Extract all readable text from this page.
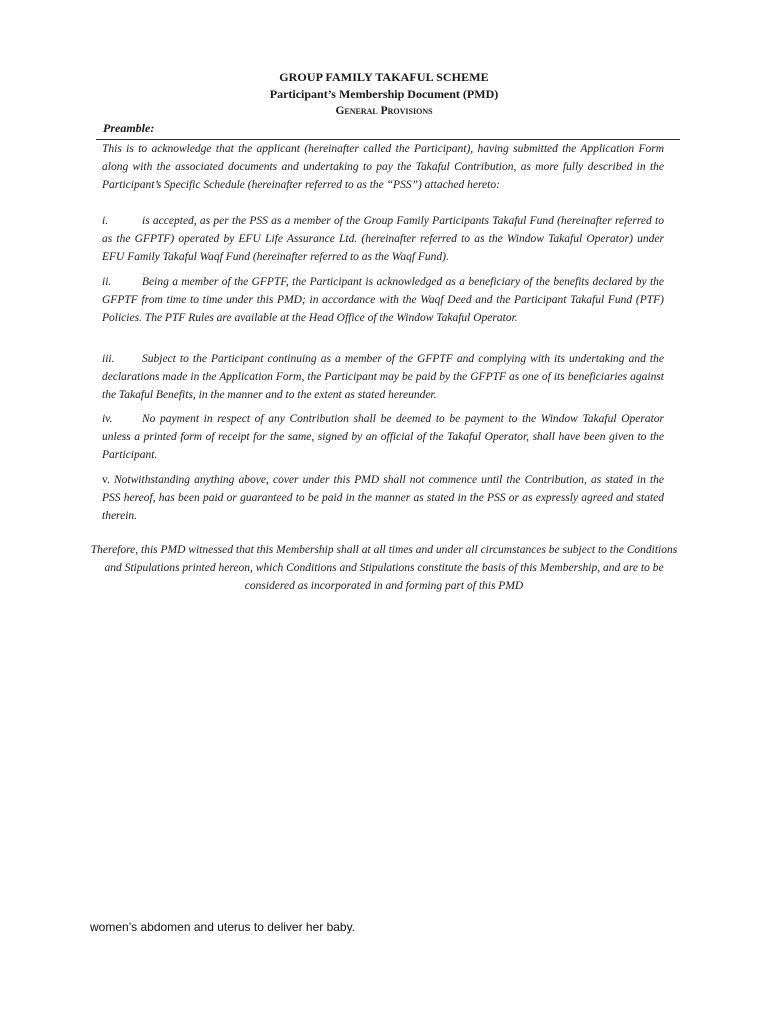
GROUP FAMILY TAKAFUL SCHEME
Participant’s Membership Document (PMD)
General Provisions
Preamble:
This is to acknowledge that the applicant (hereinafter called the Participant), having submitted the Application Form along with the associated documents and undertaking to pay the Takaful Contribution, as more fully described in the Participant’s Specific Schedule (hereinafter referred to as the “PSS”) attached hereto:
i.	is accepted, as per the PSS as a member of the Group Family Participants Takaful Fund (hereinafter referred to as the GFPTF) operated by EFU Life Assurance Ltd. (hereinafter referred to as the Window Takaful Operator) under EFU Family Takaful Waqf Fund (hereinafter referred to as the Waqf Fund).
ii.	Being a member of the GFPTF, the Participant is acknowledged as a beneficiary of the benefits declared by the GFPTF from time to time under this PMD; in accordance with the Waqf Deed and the Participant Takaful Fund (PTF) Policies. The PTF Rules are available at the Head Office of the Window Takaful Operator.
iii. Subject to the Participant continuing as a member of the GFPTF and complying with its undertaking and the declarations made in the Application Form, the Participant may be paid by the GFPTF as one of its beneficiaries against the Takaful Benefits, in the manner and to the extent as stated hereunder.
iv.	No payment in respect of any Contribution shall be deemed to be payment to the Window Takaful Operator unless a printed form of receipt for the same, signed by an official of the Takaful Operator, shall have been given to the Participant.
v. Notwithstanding anything above, cover under this PMD shall not commence until the Contribution, as stated in the PSS hereof, has been paid or guaranteed to be paid in the manner as stated in the PSS or as expressly agreed and stated therein.
Therefore, this PMD witnessed that this Membership shall at all times and under all circumstances be subject to the Conditions and Stipulations printed hereon, which Conditions and Stipulations constitute the basis of this Membership, and are to be considered as incorporated in and forming part of this PMD
women’s abdomen and uterus to deliver her baby.
